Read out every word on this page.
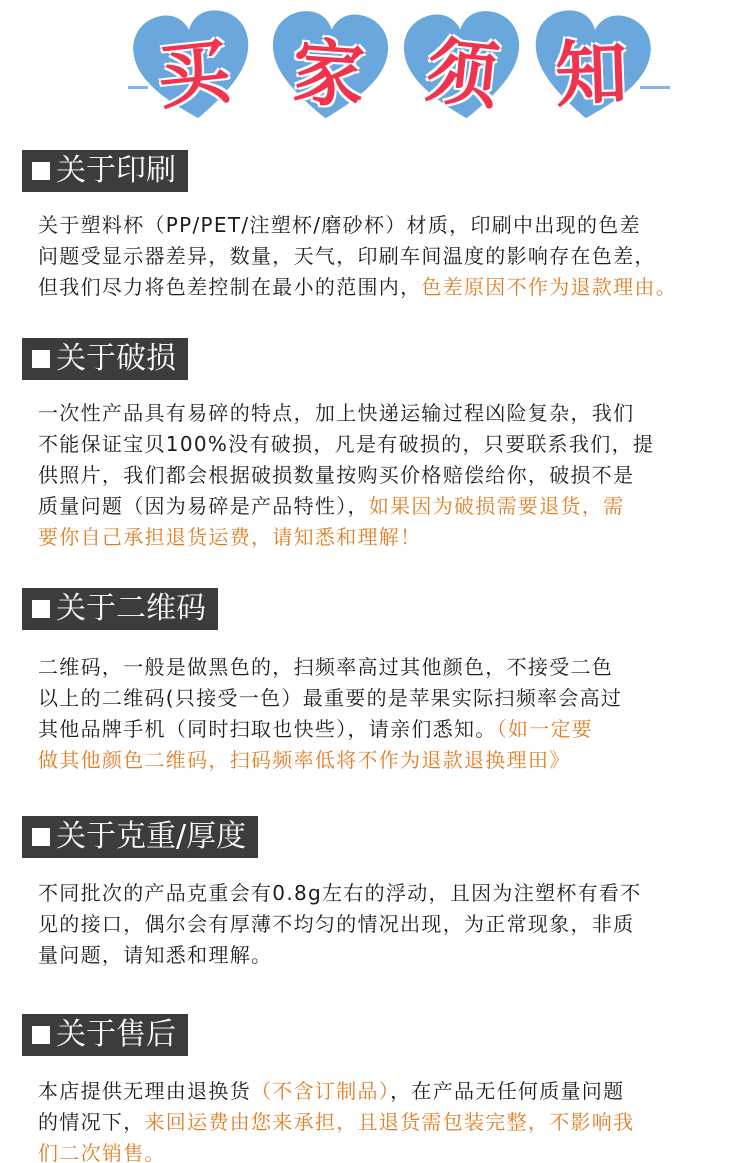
买 家 须 知
关于印刷
关于塑料杯（PP/PET/注塑杯/磨砂杯）材质，印刷中出现的色差
问题受显示器差异，数量，天气，印刷车间温度的影响存在色差，
但我们尽力将色差控制在最小的范围内，色差原因不作为退款理由。
关于破损
一次性产品具有易碎的特点，加上快递运输过程凶险复杂，我们
不能保证宝贝100%没有破损，凡是有破损的，只要联系我们，提
供照片，我们都会根据破损数量按购买价格赔偿给你，破损不是
质量问题（因为易碎是产品特性），如果因为破损需要退货，需
要你自己承担退货运费，请知悉和理解！
关于二维码
二维码，一般是做黑色的，扫频率高过其他颜色，不接受二色
以上的二维码(只接受一色）最重要的是苹果实际扫频率会高过
其他品牌手机（同时扫取也快些），请亲们悉知。（如一定要
做其他颜色二维码，扫码频率低将不作为退款退换理田》
关于克重/厚度
不同批次的产品克重会有0.8g左右的浮动，且因为注塑杯有看不
见的接口，偶尔会有厚薄不均匀的情况出现，为正常现象，非质
量问题，请知悉和理解。
关于售后
本店提供无理由退换货（不含订制品），在产品无任何质量问题
的情况下，来回运费由您来承担，且退货需包装完整，不影响我
们二次销售。
